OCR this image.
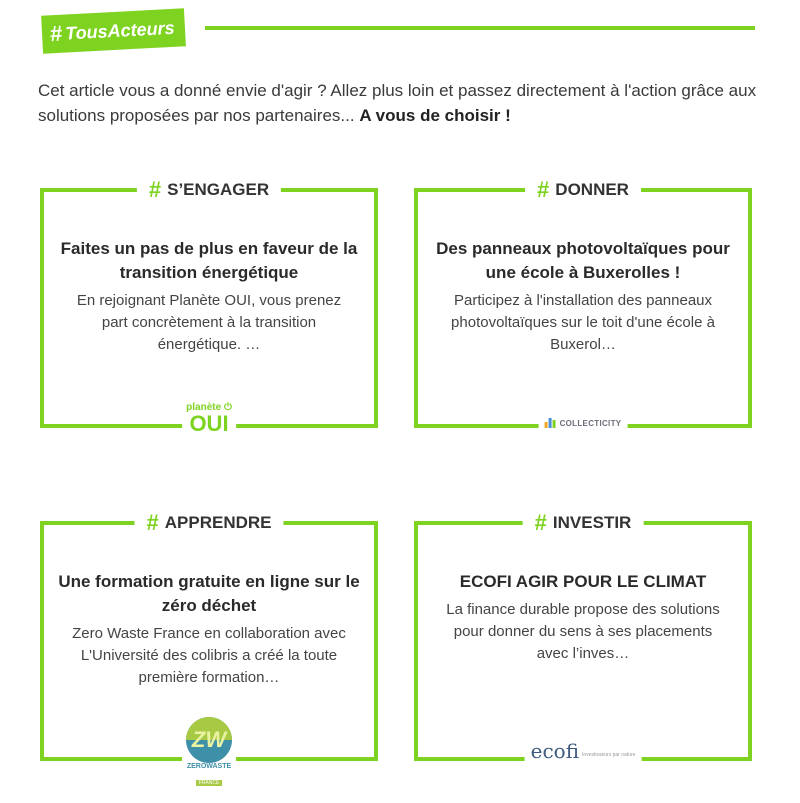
# TousActeurs
Cet article vous a donné envie d'agir ? Allez plus loin et passez directement à l'action grâce aux solutions proposées par nos partenaires... A vous de choisir !
# S’ENGAGER
Faites un pas de plus en faveur de la transition énergétique
En rejoignant Planète OUI, vous prenez part concrètement à la transition énergétique. …
planète ⏻
OUI
# DONNER
Des panneaux photovoltaïques pour une école à Buxerolles !
Participez à l'installation des panneaux photovoltaïques sur le toit d'une école à Buxerol…
COLLECTICITY
# APPRENDRE
Une formation gratuite en ligne sur le zéro déchet
Zero Waste France en collaboration avec L'Université des colibris a créé la toute première formation…
ZW
ZEROWASTE
FRANCE
# INVESTIR
ECOFI AGIR POUR LE CLIMAT
La finance durable propose des solutions pour donner du sens à ses placements avec l’inves…
ecofi Investisseurs par nature
